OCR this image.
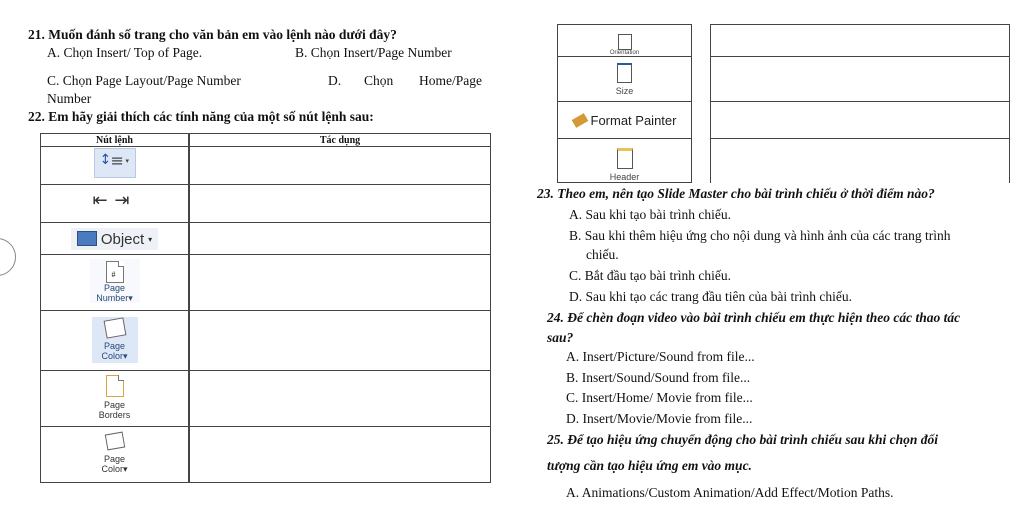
21. Muốn đánh số trang cho văn bản em vào lệnh nào dưới đây?
A. Chọn Insert/ Top of Page.	B. Chọn Insert/Page Number
C. Chọn Page Layout/Page Number	D. Chọn Home/Page
Number
22. Em hãy giải thích các tính năng của một số nút lệnh sau:
Nút lệnh		Tác dụng

↕ ≡ ▾	

⇤ ⇥	

Object ▾		

#
Page
Number▾	

Page
Color▾	

Page
Borders	

Page
Color▾	

Orientation

Size

Format Painter

Header

23. Theo em, nên tạo Slide Master cho bài trình chiếu ở thời điểm nào?
A. Sau khi tạo bài trình chiếu.
B. Sau khi thêm hiệu ứng cho nội dung và hình ảnh của các trang trình
chiếu.
C. Bắt đầu tạo bài trình chiếu.
D. Sau khi tạo các trang đầu tiên của bài trình chiếu.
24. Để chèn đoạn video vào bài trình chiếu em thực hiện theo các thao tác
sau?
A. Insert/Picture/Sound from file...
B. Insert/Sound/Sound from file...
C. Insert/Home/ Movie from file...
D. Insert/Movie/Movie from file...
25. Để tạo hiệu ứng chuyển động cho bài trình chiếu sau khi chọn đối
tượng cần tạo hiệu ứng em vào mục.
A. Animations/Custom Animation/Add Effect/Motion Paths.
